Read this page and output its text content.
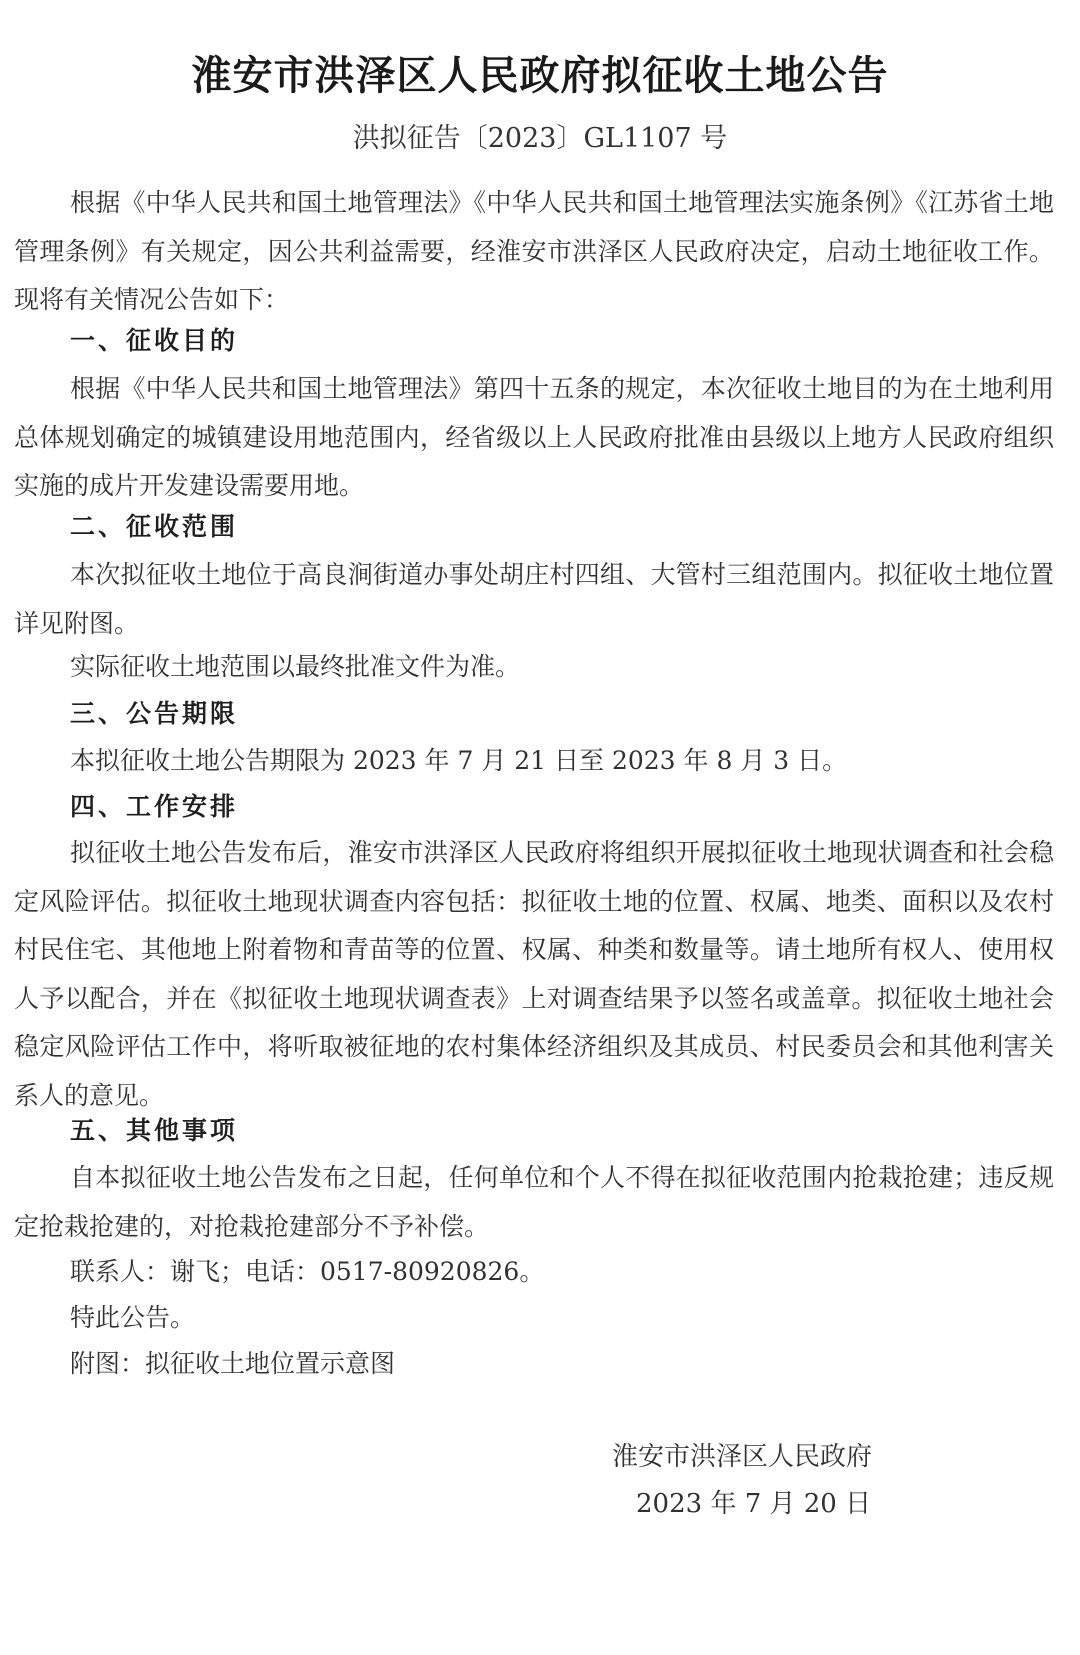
淮安市洪泽区人民政府拟征收土地公告

洪拟征告〔2023〕GL1107 号

根据《中华人民共和国土地管理法》《中华人民共和国土地管理法实施条例》《江苏省土地管理条例》有关规定，因公共利益需要，经淮安市洪泽区人民政府决定，启动土地征收工作。现将有关情况公告如下：

一、征收目的

根据《中华人民共和国土地管理法》第四十五条的规定，本次征收土地目的为在土地利用总体规划确定的城镇建设用地范围内，经省级以上人民政府批准由县级以上地方人民政府组织实施的成片开发建设需要用地。

二、征收范围

本次拟征收土地位于高良涧街道办事处胡庄村四组、大管村三组范围内。拟征收土地位置详见附图。

实际征收土地范围以最终批准文件为准。

三、公告期限

本拟征收土地公告期限为 2023 年 7 月 21 日至 2023 年 8 月 3 日。

四、工作安排

拟征收土地公告发布后，淮安市洪泽区人民政府将组织开展拟征收土地现状调查和社会稳定风险评估。拟征收土地现状调查内容包括：拟征收土地的位置、权属、地类、面积以及农村村民住宅、其他地上附着物和青苗等的位置、权属、种类和数量等。请土地所有权人、使用权人予以配合，并在《拟征收土地现状调查表》上对调查结果予以签名或盖章。拟征收土地社会稳定风险评估工作中，将听取被征地的农村集体经济组织及其成员、村民委员会和其他利害关系人的意见。

五、其他事项

自本拟征收土地公告发布之日起，任何单位和个人不得在拟征收范围内抢栽抢建；违反规定抢栽抢建的，对抢栽抢建部分不予补偿。

联系人：谢飞；电话：0517-80920826。

特此公告。

附图：拟征收土地位置示意图

淮安市洪泽区人民政府

2023 年 7 月 20 日
